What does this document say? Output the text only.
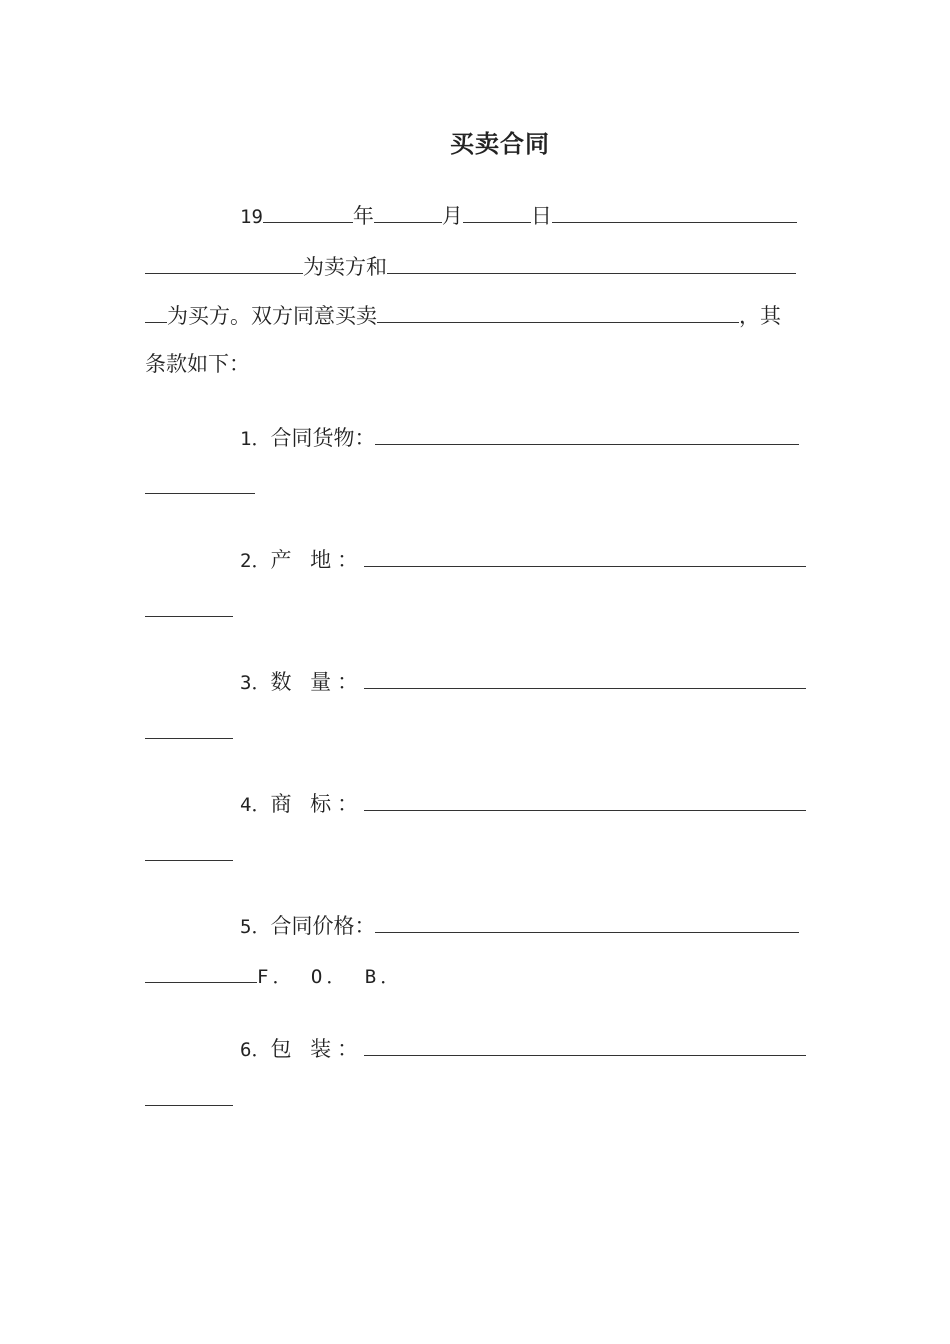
买卖合同
19	年	月	日
为卖方和
为买方。双方同意买卖	，其
条款如下：
1．合同货物：
2．产 地：
3．数 量：
4．商 标：
5．合同价格：
F． O． B．
6．包 装：
